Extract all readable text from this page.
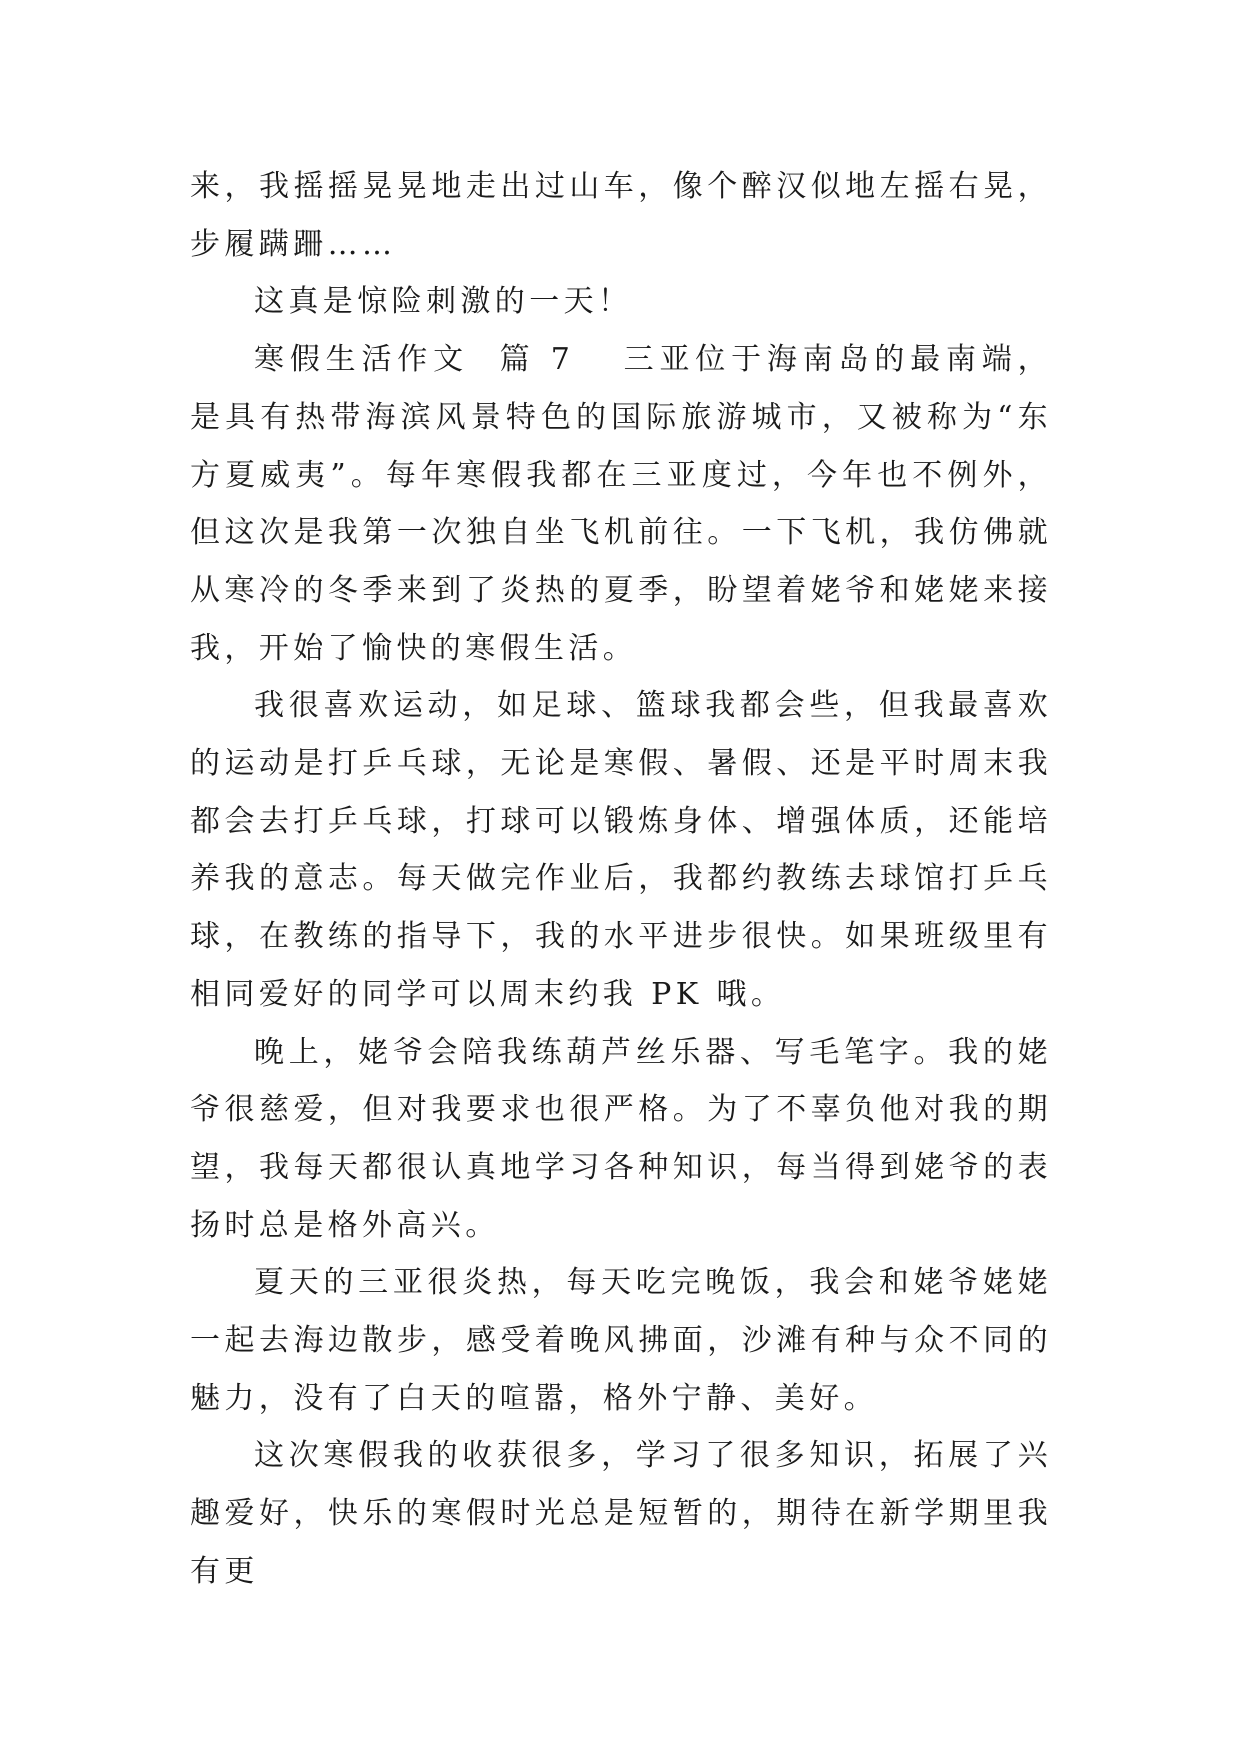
来，我摇摇晃晃地走出过山车，像个醉汉似地左摇右晃，步履蹒跚……

这真是惊险刺激的一天！

寒假生活作文 篇 7 三亚位于海南岛的最南端，是具有热带海滨风景特色的国际旅游城市，又被称为“东方夏威夷”。每年寒假我都在三亚度过，今年也不例外，但这次是我第一次独自坐飞机前往。一下飞机，我仿佛就从寒冷的冬季来到了炎热的夏季，盼望着姥爷和姥姥来接我，开始了愉快的寒假生活。

我很喜欢运动，如足球、篮球我都会些，但我最喜欢的运动是打乒乓球，无论是寒假、暑假、还是平时周末我都会去打乒乓球，打球可以锻炼身体、增强体质，还能培养我的意志。每天做完作业后，我都约教练去球馆打乒乓球，在教练的指导下，我的水平进步很快。如果班级里有相同爱好的同学可以周末约我 PK 哦。

晚上，姥爷会陪我练葫芦丝乐器、写毛笔字。我的姥爷很慈爱，但对我要求也很严格。为了不辜负他对我的期望，我每天都很认真地学习各种知识，每当得到姥爷的表扬时总是格外高兴。

夏天的三亚很炎热，每天吃完晚饭，我会和姥爷姥姥一起去海边散步，感受着晚风拂面，沙滩有种与众不同的魅力，没有了白天的喧嚣，格外宁静、美好。

这次寒假我的收获很多，学习了很多知识，拓展了兴趣爱好，快乐的寒假时光总是短暂的，期待在新学期里我有更
